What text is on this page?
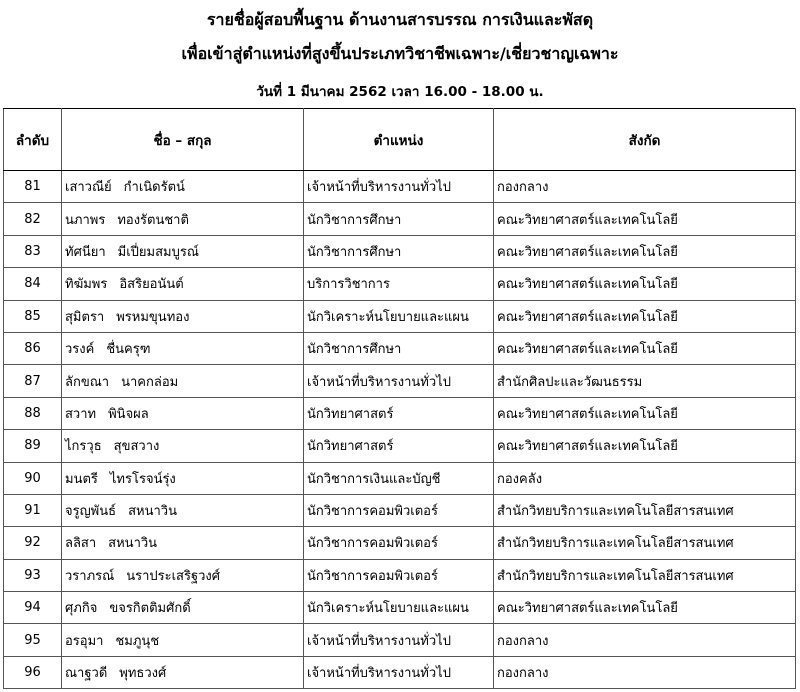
รายชื่อผู้สอบพื้นฐาน ด้านงานสารบรรณ การเงินและพัสดุ
เพื่อเข้าสู่ตำแหน่งที่สูงขึ้นประเภทวิชาชีพเฉพาะ/เชี่ยวชาญเฉพาะ
วันที่ 1 มีนาคม 2562 เวลา 16.00 - 18.00 น.
ลำดับ	ชื่อ – สกุล	ตำแหน่ง	สังกัด
81	เสาวณีย์ กำเนิดรัตน์	เจ้าหน้าที่บริหารงานทั่วไป	กองกลาง
82	นภาพร ทองรัตนชาติ	นักวิชาการศึกษา	คณะวิทยาศาสตร์และเทคโนโลยี
83	ทัศนียา มีเปี่ยมสมบูรณ์	นักวิชาการศึกษา	คณะวิทยาศาสตร์และเทคโนโลยี
84	ทิฆัมพร อิสริยอนันต์	บริการวิชาการ	คณะวิทยาศาสตร์และเทคโนโลยี
85	สุมิตรา พรหมขุนทอง	นักวิเคราะห์นโยบายและแผน	คณะวิทยาศาสตร์และเทคโนโลยี
86	วรงค์ ชื่นครุฑ	นักวิชาการศึกษา	คณะวิทยาศาสตร์และเทคโนโลยี
87	ลักขณา นาคกล่อม	เจ้าหน้าที่บริหารงานทั่วไป	สำนักศิลปะและวัฒนธรรม
88	สวาท พินิจผล	นักวิทยาศาสตร์	คณะวิทยาศาสตร์และเทคโนโลยี
89	ไกรวุธ สุขสวาง	นักวิทยาศาสตร์	คณะวิทยาศาสตร์และเทคโนโลยี
90	มนตรี ไทรโรจน์รุ่ง	นักวิชาการเงินและบัญชี	กองคลัง
91	จรูญพันธ์ สหนาวิน	นักวิชาการคอมพิวเตอร์	สำนักวิทยบริการและเทคโนโลยีสารสนเทศ
92	ลลิสา สหนาวิน	นักวิชาการคอมพิวเตอร์	สำนักวิทยบริการและเทคโนโลยีสารสนเทศ
93	วราภรณ์ นราประเสริฐวงศ์	นักวิชาการคอมพิวเตอร์	สำนักวิทยบริการและเทคโนโลยีสารสนเทศ
94	ศุภกิจ ขจรกิตติมศักดิ์	นักวิเคราะห์นโยบายและแผน	คณะวิทยาศาสตร์และเทคโนโลยี
95	อรอุมา ชมภูนุช	เจ้าหน้าที่บริหารงานทั่วไป	กองกลาง
96	ณาฐวดี พุทธวงศ์	เจ้าหน้าที่บริหารงานทั่วไป	กองกลาง
